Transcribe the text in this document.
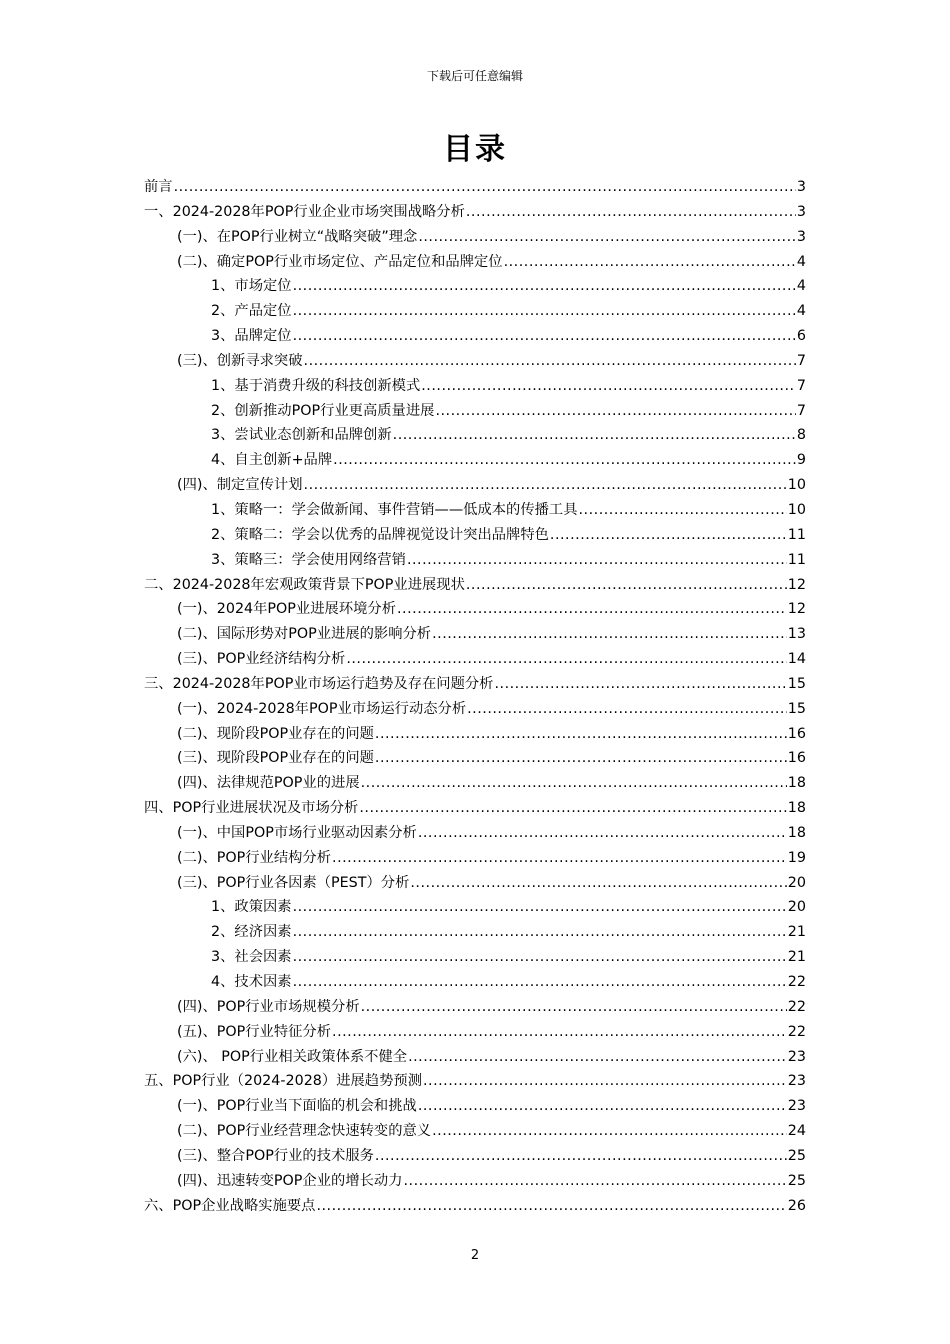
下载后可任意编辑
目录
前言 .....	3
一、2024-2028年POP行业企业市场突围战略分析 .....	3
(一)、在POP行业树立“战略突破”理念 .....	3
(二)、确定POP行业市场定位、产品定位和品牌定位 .....	4
1、市场定位 .....	4
2、产品定位 .....	4
3、品牌定位 .....	6
(三)、创新寻求突破 .....	7
1、基于消费升级的科技创新模式 .....	7
2、创新推动POP行业更高质量进展 .....	7
3、尝试业态创新和品牌创新 .....	8
4、自主创新+品牌 .....	9
(四)、制定宣传计划 .....	10
1、策略一：学会做新闻、事件营销——低成本的传播工具 .....	10
2、策略二：学会以优秀的品牌视觉设计突出品牌特色 .....	11
3、策略三：学会使用网络营销 .....	11
二、2024-2028年宏观政策背景下POP业进展现状 .....	12
(一)、2024年POP业进展环境分析 .....	12
(二)、国际形势对POP业进展的影响分析 .....	13
(三)、POP业经济结构分析 .....	14
三、2024-2028年POP业市场运行趋势及存在问题分析 .....	15
(一)、2024-2028年POP业市场运行动态分析 .....	15
(二)、现阶段POP业存在的问题 .....	16
(三)、现阶段POP业存在的问题 .....	16
(四)、法律规范POP业的进展 .....	18
四、POP行业进展状况及市场分析 .....	18
(一)、中国POP市场行业驱动因素分析 .....	18
(二)、POP行业结构分析 .....	19
(三)、POP行业各因素（PEST）分析 .....	20
1、政策因素 .....	20
2、经济因素 .....	21
3、社会因素 .....	21
4、技术因素 .....	22
(四)、POP行业市场规模分析 .....	22
(五)、POP行业特征分析 .....	22
(六)、 POP行业相关政策体系不健全 .....	23
五、POP行业（2024-2028）进展趋势预测 .....	23
(一)、POP行业当下面临的机会和挑战 .....	23
(二)、POP行业经营理念快速转变的意义 .....	24
(三)、整合POP行业的技术服务 .....	25
(四)、迅速转变POP企业的增长动力 .....	25
六、POP企业战略实施要点 .....	26
2
